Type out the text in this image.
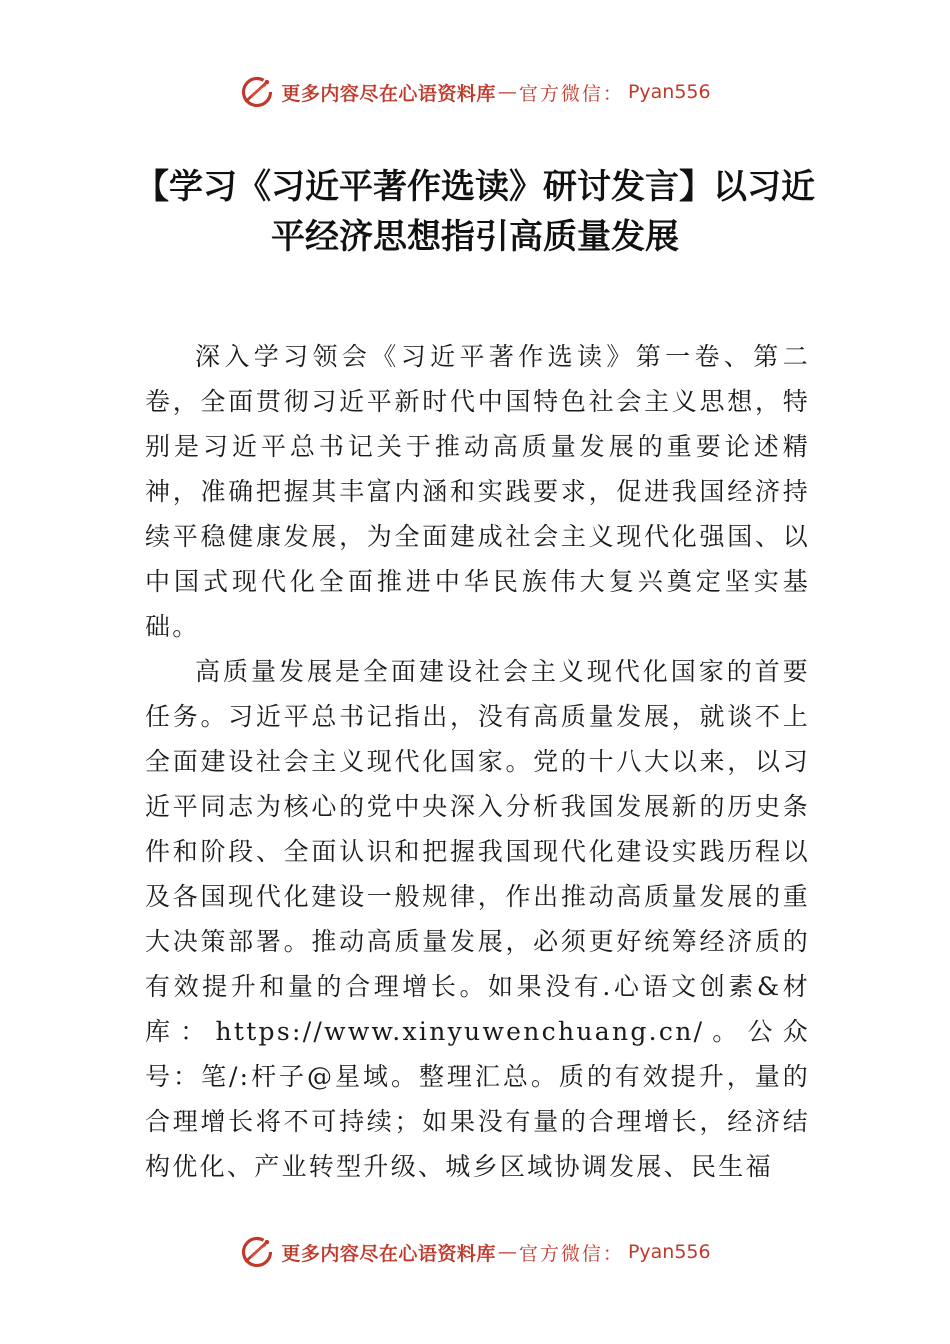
更多内容尽在心语资料库 — 官方微信： Pyan556
【学习《习近平著作选读》研讨发言】以习近平经济思想指引高质量发展

深入学习领会《习近平著作选读》第一卷、第二卷，全面贯彻习近平新时代中国特色社会主义思想，特别是习近平总书记关于推动高质量发展的重要论述精神，准确把握其丰富内涵和实践要求，促进我国经济持续平稳健康发展，为全面建成社会主义现代化强国、以中国式现代化全面推进中华民族伟大复兴奠定坚实基础。

高质量发展是全面建设社会主义现代化国家的首要任务。习近平总书记指出，没有高质量发展，就谈不上全面建设社会主义现代化国家。党的十八大以来，以习近平同志为核心的党中央深入分析我国发展新的历史条件和阶段、全面认识和把握我国现代化建设实践历程以及各国现代化建设一般规律，作出推动高质量发展的重大决策部署。推动高质量发展，必须更好统筹经济质的有效提升和量的合理增长。如果没有.心语文创素&材库：https://www.xinyuwenchuang.cn/。公众号：笔/:杆子@星域。整理汇总。质的有效提升，量的合理增长将不可持续；如果没有量的合理增长，经济结构优化、产业转型升级、城乡区域协调发展、民生福

更多内容尽在心语资料库 — 官方微信： Pyan556
